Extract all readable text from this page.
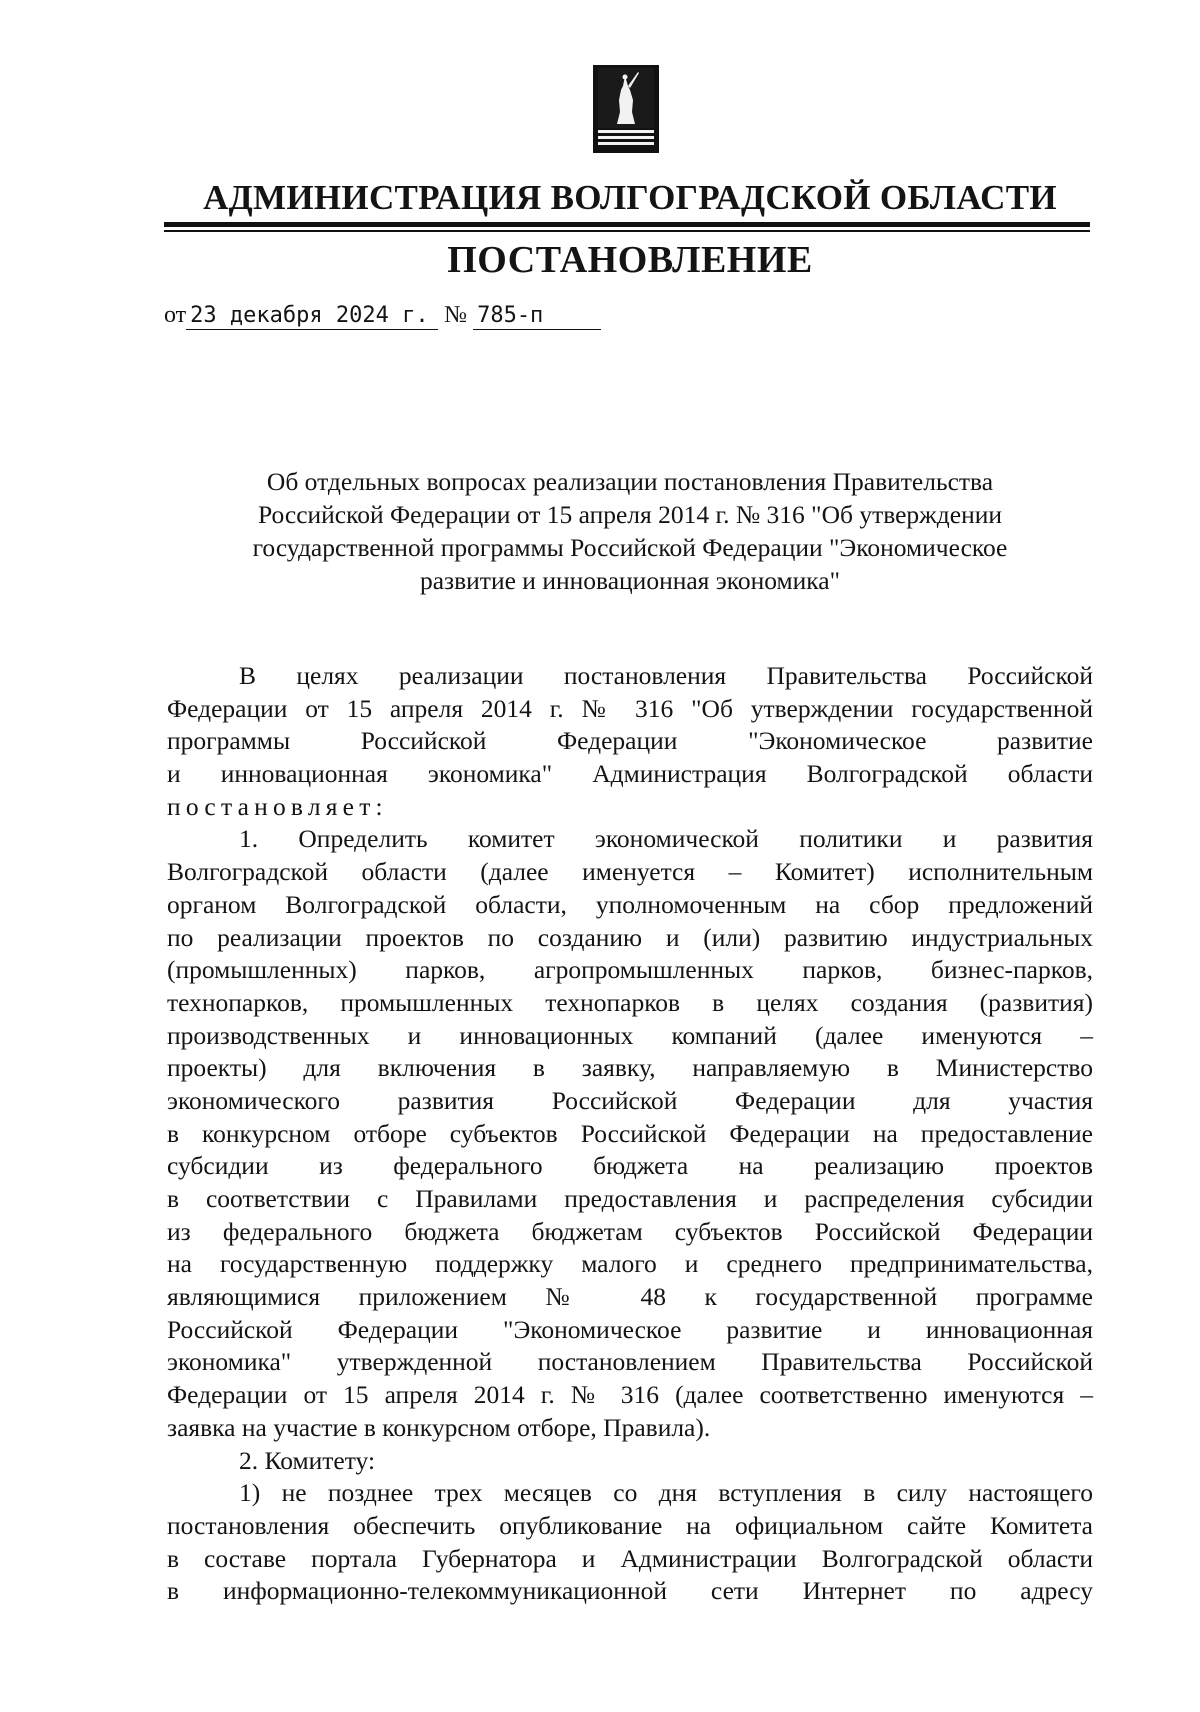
АДМИНИСТРАЦИЯ ВОЛГОГРАДСКОЙ ОБЛАСТИ
ПОСТАНОВЛЕНИЕ
от 23 декабря 2024 г. № 785-п
Об отдельных вопросах реализации постановления Правительства
Российской Федерации от 15 апреля 2014 г. № 316 "Об утверждении
государственной программы Российской Федерации "Экономическое
развитие и инновационная экономика"
В целях реализации постановления Правительства Российской
Федерации от 15 апреля 2014 г. № 316 "Об утверждении государственной
программы Российской Федерации "Экономическое развитие
и инновационная экономика" Администрация Волгоградской области
постановляет:
1. Определить комитет экономической политики и развития
Волгоградской области (далее именуется – Комитет) исполнительным
органом Волгоградской области, уполномоченным на сбор предложений
по реализации проектов по созданию и (или) развитию индустриальных
(промышленных) парков, агропромышленных парков, бизнес-парков,
технопарков, промышленных технопарков в целях создания (развития)
производственных и инновационных компаний (далее именуются –
проекты) для включения в заявку, направляемую в Министерство
экономического развития Российской Федерации для участия
в конкурсном отборе субъектов Российской Федерации на предоставление
субсидии из федерального бюджета на реализацию проектов
в соответствии с Правилами предоставления и распределения субсидии
из федерального бюджета бюджетам субъектов Российской Федерации
на государственную поддержку малого и среднего предпринимательства,
являющимися приложением № 48 к государственной программе
Российской Федерации "Экономическое развитие и инновационная
экономика" утвержденной постановлением Правительства Российской
Федерации от 15 апреля 2014 г. № 316 (далее соответственно именуются –
заявка на участие в конкурсном отборе, Правила).
2. Комитету:
1) не позднее трех месяцев со дня вступления в силу настоящего
постановления обеспечить опубликование на официальном сайте Комитета
в составе портала Губернатора и Администрации Волгоградской области
в информационно-телекоммуникационной сети Интернет по адресу
